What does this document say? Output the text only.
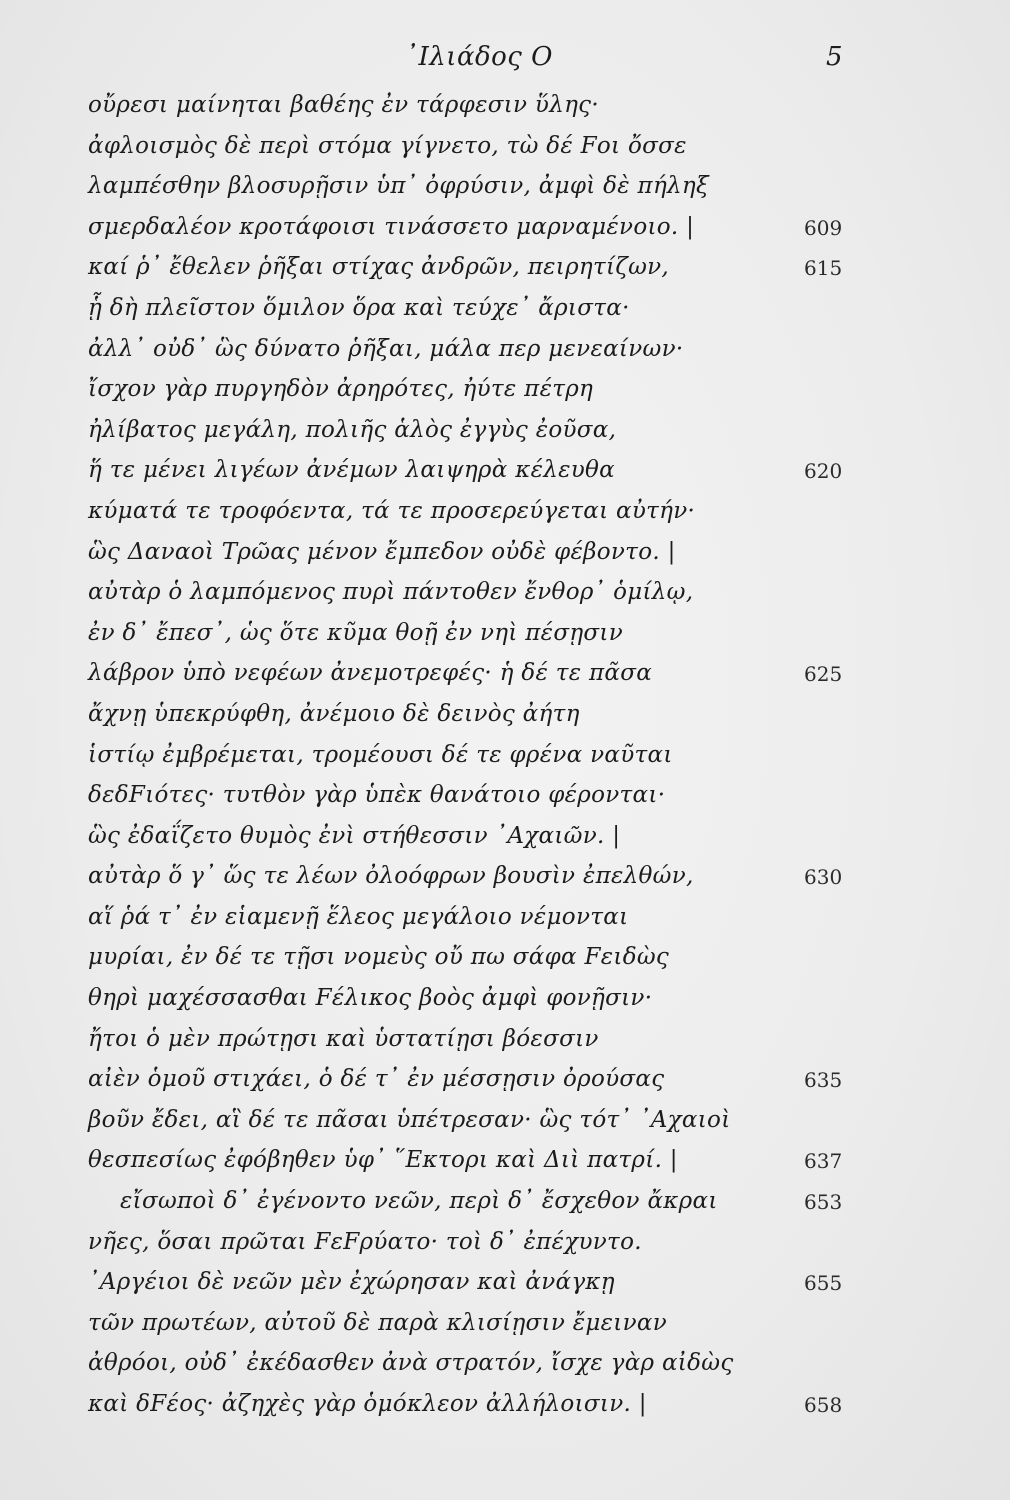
᾿Ιλιάδος Ο	5
οὔρεσι μαίνηται βαθέης ἐν τάρφεσιν ὕλης·
ἀφλοισμὸς δὲ περὶ στόμα γίγνετο, τὼ δέ Fοι ὄσσε
λαμπέσθην βλοσυρῇσιν ὑπ᾿ ὀφρύσιν, ἀμφὶ δὲ πήληξ
σμερδαλέον κροτάφοισι τινάσσετο μαρναμένοιο. |	609
καί ῥ᾿ ἔθελεν ῥῆξαι στίχας ἀνδρῶν, πειρητίζων,	615
ᾗ δὴ πλεῖστον ὅμιλον ὅρα καὶ τεύχε᾿ ἄριστα·
ἀλλ᾿ οὐδ᾿ ὣς δύνατο ῥῆξαι, μάλα περ μενεαίνων·
ἴσχον γὰρ πυργηδὸν ἀρηρότες, ἠύτε πέτρη
ἠλίβατος μεγάλη, πολιῆς ἁλὸς ἐγγὺς ἐοῦσα,
ἥ τε μένει λιγέων ἀνέμων λαιψηρὰ κέλευθα	620
κύματά τε τροφόεντα, τά τε προσερεύγεται αὐτήν·
ὣς Δαναοὶ Τρῶας μένον ἔμπεδον οὐδὲ φέβοντο. |
αὐτὰρ ὁ λαμπόμενος πυρὶ πάντοθεν ἔνθορ᾿ ὁμίλῳ,
ἐν δ᾿ ἔπεσ᾿, ὡς ὅτε κῦμα θοῇ ἐν νηὶ πέσῃσιν
λάβρον ὑπὸ νεφέων ἀνεμοτρεφές· ἡ δέ τε πᾶσα	625
ἄχνῃ ὑπεκρύφθη, ἀνέμοιο δὲ δεινὸς ἀήτη
ἱστίῳ ἐμβρέμεται, τρομέουσι δέ τε φρένα ναῦται
δεδFιότες· τυτθὸν γὰρ ὑπὲκ θανάτοιο φέρονται·
ὣς ἐδαΐζετο θυμὸς ἐνὶ στήθεσσιν ᾿Αχαιῶν. |
αὐτὰρ ὅ γ᾿ ὥς τε λέων ὀλοόφρων βουσὶν ἐπελθών,	630
αἵ ῥά τ᾿ ἐν εἱαμενῇ ἕλεος μεγάλοιο νέμονται
μυρίαι, ἐν δέ τε τῇσι νομεὺς οὔ πω σάφα Fειδὼς
θηρὶ μαχέσσασθαι Fέλικος βοὸς ἀμφὶ φονῇσιν·
ἤτοι ὁ μὲν πρώτῃσι καὶ ὑστατίῃσι βόεσσιν
αἰὲν ὁμοῦ στιχάει, ὁ δέ τ᾿ ἐν μέσσῃσιν ὀρούσας	635
βοῦν ἔδει, αἳ δέ τε πᾶσαι ὑπέτρεσαν· ὣς τότ᾿ ᾿Αχαιοὶ
θεσπεσίως ἐφόβηθεν ὑφ᾿ ῞Εκτορι καὶ Διὶ πατρί. |	637
εἴσωποὶ δ᾿ ἐγένοντο νεῶν, περὶ δ᾿ ἔσχεθον ἄκραι	653
νῆες, ὅσαι πρῶται FεFρύατο· τοὶ δ᾿ ἐπέχυντο.
᾿Αργέιοι δὲ νεῶν μὲν ἐχώρησαν καὶ ἀνάγκῃ	655
τῶν πρωτέων, αὐτοῦ δὲ παρὰ κλισίῃσιν ἔμειναν
ἀθρόοι, οὐδ᾿ ἐκέδασθεν ἀνὰ στρατόν, ἴσχε γὰρ αἰδὼς
καὶ δFέος· ἀζηχὲς γὰρ ὁμόκλεον ἀλλήλοισιν. |	658
